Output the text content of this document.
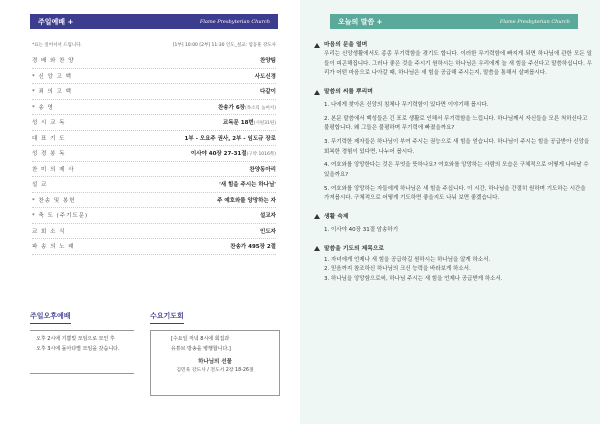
주일예배 +	Flame Presbyterian Church
*표는 일어서서 드립니다.	[1부] 10:00 [2부] 11:30 인도_설교: 염동훈 강도사
경 배 와 찬 양	찬양팀
* 신 앙 고 백	사도신경
* 죄 의 고 백	다같이
* 송 영	찬송가 6장(목소리 높여서)
성 시 교 독	교독문 18번(시편31편)
대 표 기 도	1부 - 오요주 권사, 2부 - 임도규 장로
성 경 봉 독	이사야 40장 27-31절(구약 1016쪽)
찬 미 의 제 사	찬양동아리
설 교	'새 힘을 주시는 하나님'
* 찬송 및 봉헌	주 예호와를 앙망하는 자
* 축 도 (주기도문)	설교자
교 회 소 식	인도자
파 송 의 노 래	찬송가 495장 2절
주일오후예배

오후 2시에 기쁨빛 모임으로 모인 후
오후 3시에 돌아다별 모임을 갖습니다.

수요기도회

[수요일 저녁 8시에 회집과
유튜브 방송을 병행합니다.]

하나님의 선물
김민욱 강도사 / 전도서 2장 18-26절
오늘의 말씀 +	Flame Presbyterian Church
마음의 문을 열며
우리는 신앙생활에서도 종종 무기력함을 겪기도 합니다. 이러한 무기력함에 빠지게 되면 하나님에 관한 모든 일들이 피곤해집니다. 그러나 좋은 것을 주시기 원하시는 하나님은 우리에게 늘 새 힘을 주신다고 말씀하십니다. 우리가 어떤 마음으로 나아갈 때, 하나님은 새 힘을 공급해 주시는지, 말씀을 통해서 살펴봅시다.
말씀의 씨를 뿌리며
1. 나에게 찾아온 신앙의 침체나 무기력함이 있다면 이야기해 봅시다.
2. 본문 말씀에서 백성들은 긴 포로 생활로 인해서 무기력함을 느낍니다. 하나님께서 자신들을 모른 척하신다고 불평합니다. 왜 그들은 불평하며 무기력에 빠졌을까요?
3. 무기력한 제자들은 하나님이 부여 주시는 권능으로 새 힘을 얻습니다. 하나님이 주시는 힘을 공급받아 신앙을 회복한 경험이 있다면, 나누어 봅시다.
4. 여호와를 앙망한다는 것은 무엇을 뜻하나요? 여호와를 앙망하는 사람의 모습은 구체적으로 어떻게 나타날 수 있을까요?
5. 여호와를 앙망하는 자들에게 하나님은 새 힘을 주십니다. 이 시간, 하나님을 간절히 원하며 기도하는 시간을 가져봅시다. 구체적으로 어떻게 기도하면 좋을지도 나눠 보면 좋겠습니다.
생활 숙제
1. 이사야 40장 31절 암송하기
말씀을 기도의 제목으로
1. 자녀에게 언제나 새 힘을 공급하길 원하시는 하나님을 알게 하소서.
2. 믿음까지 참조하신 하나님의 크신 능력을 바라보게 하소서.
3. 하나님을 앙망함으로써, 하나님 주시는 새 힘을 언제나 공급받게 하소서.
